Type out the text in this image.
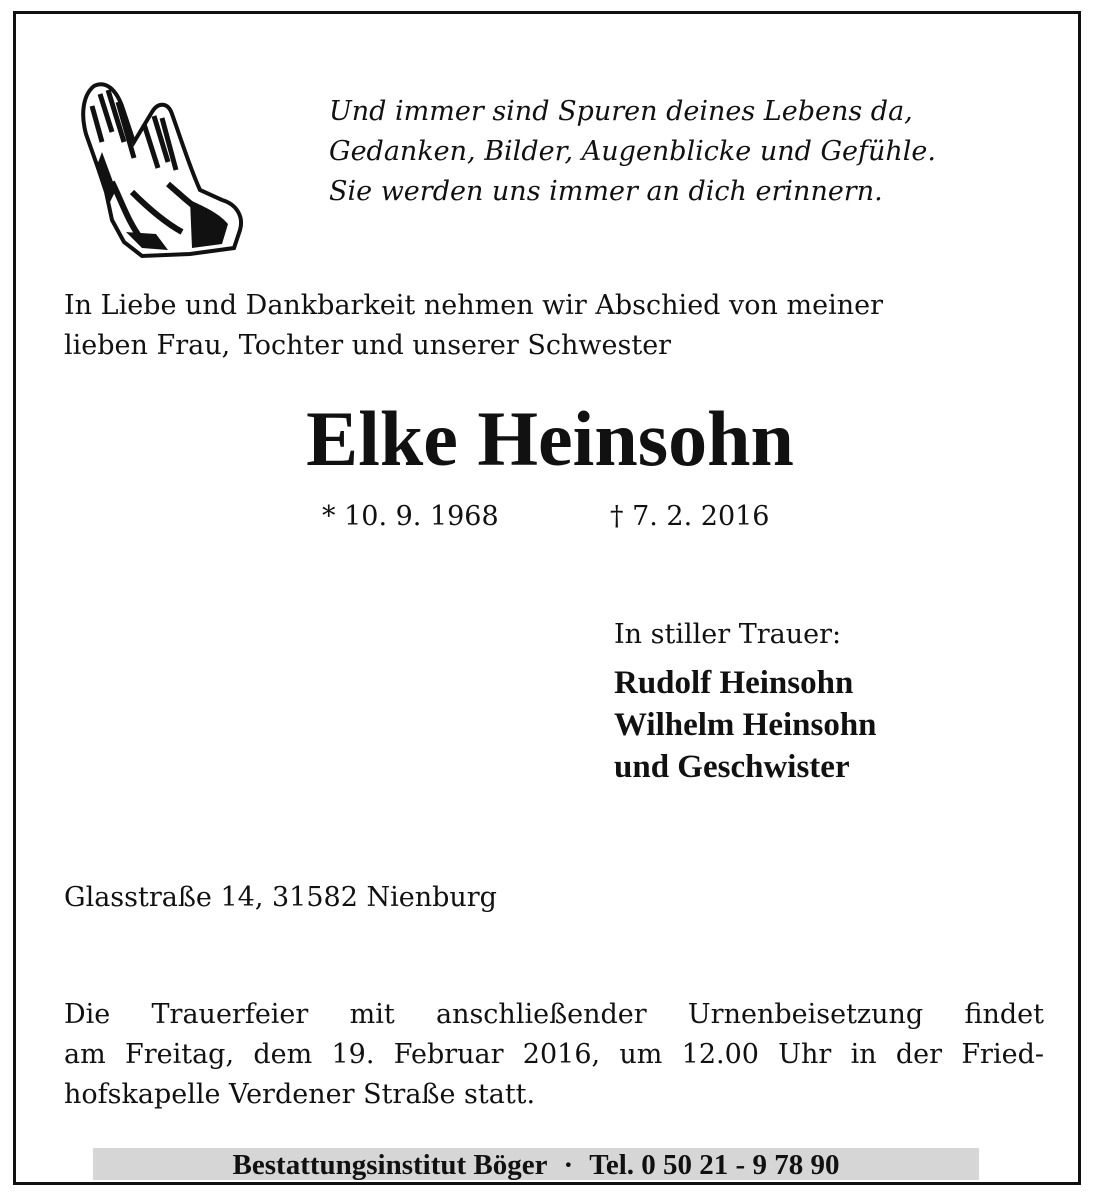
Und immer sind Spuren deines Lebens da,
Gedanken, Bilder, Augenblicke und Gefühle.
Sie werden uns immer an dich erinnern.
In Liebe und Dankbarkeit nehmen wir Abschied von meiner
lieben Frau, Tochter und unserer Schwester
Elke Heinsohn
* 10. 9. 1968	† 7. 2. 2016
In stiller Trauer:
Rudolf Heinsohn
Wilhelm Heinsohn
und Geschwister
Glasstraße 14, 31582 Nienburg
Die Trauerfeier mit anschließender Urnenbeisetzung findet
am Freitag, dem 19. Februar 2016, um 12.00 Uhr in der Fried-
hofskapelle Verdener Straße statt.
Bestattungsinstitut Böger · Tel. 0 50 21 - 9 78 90
